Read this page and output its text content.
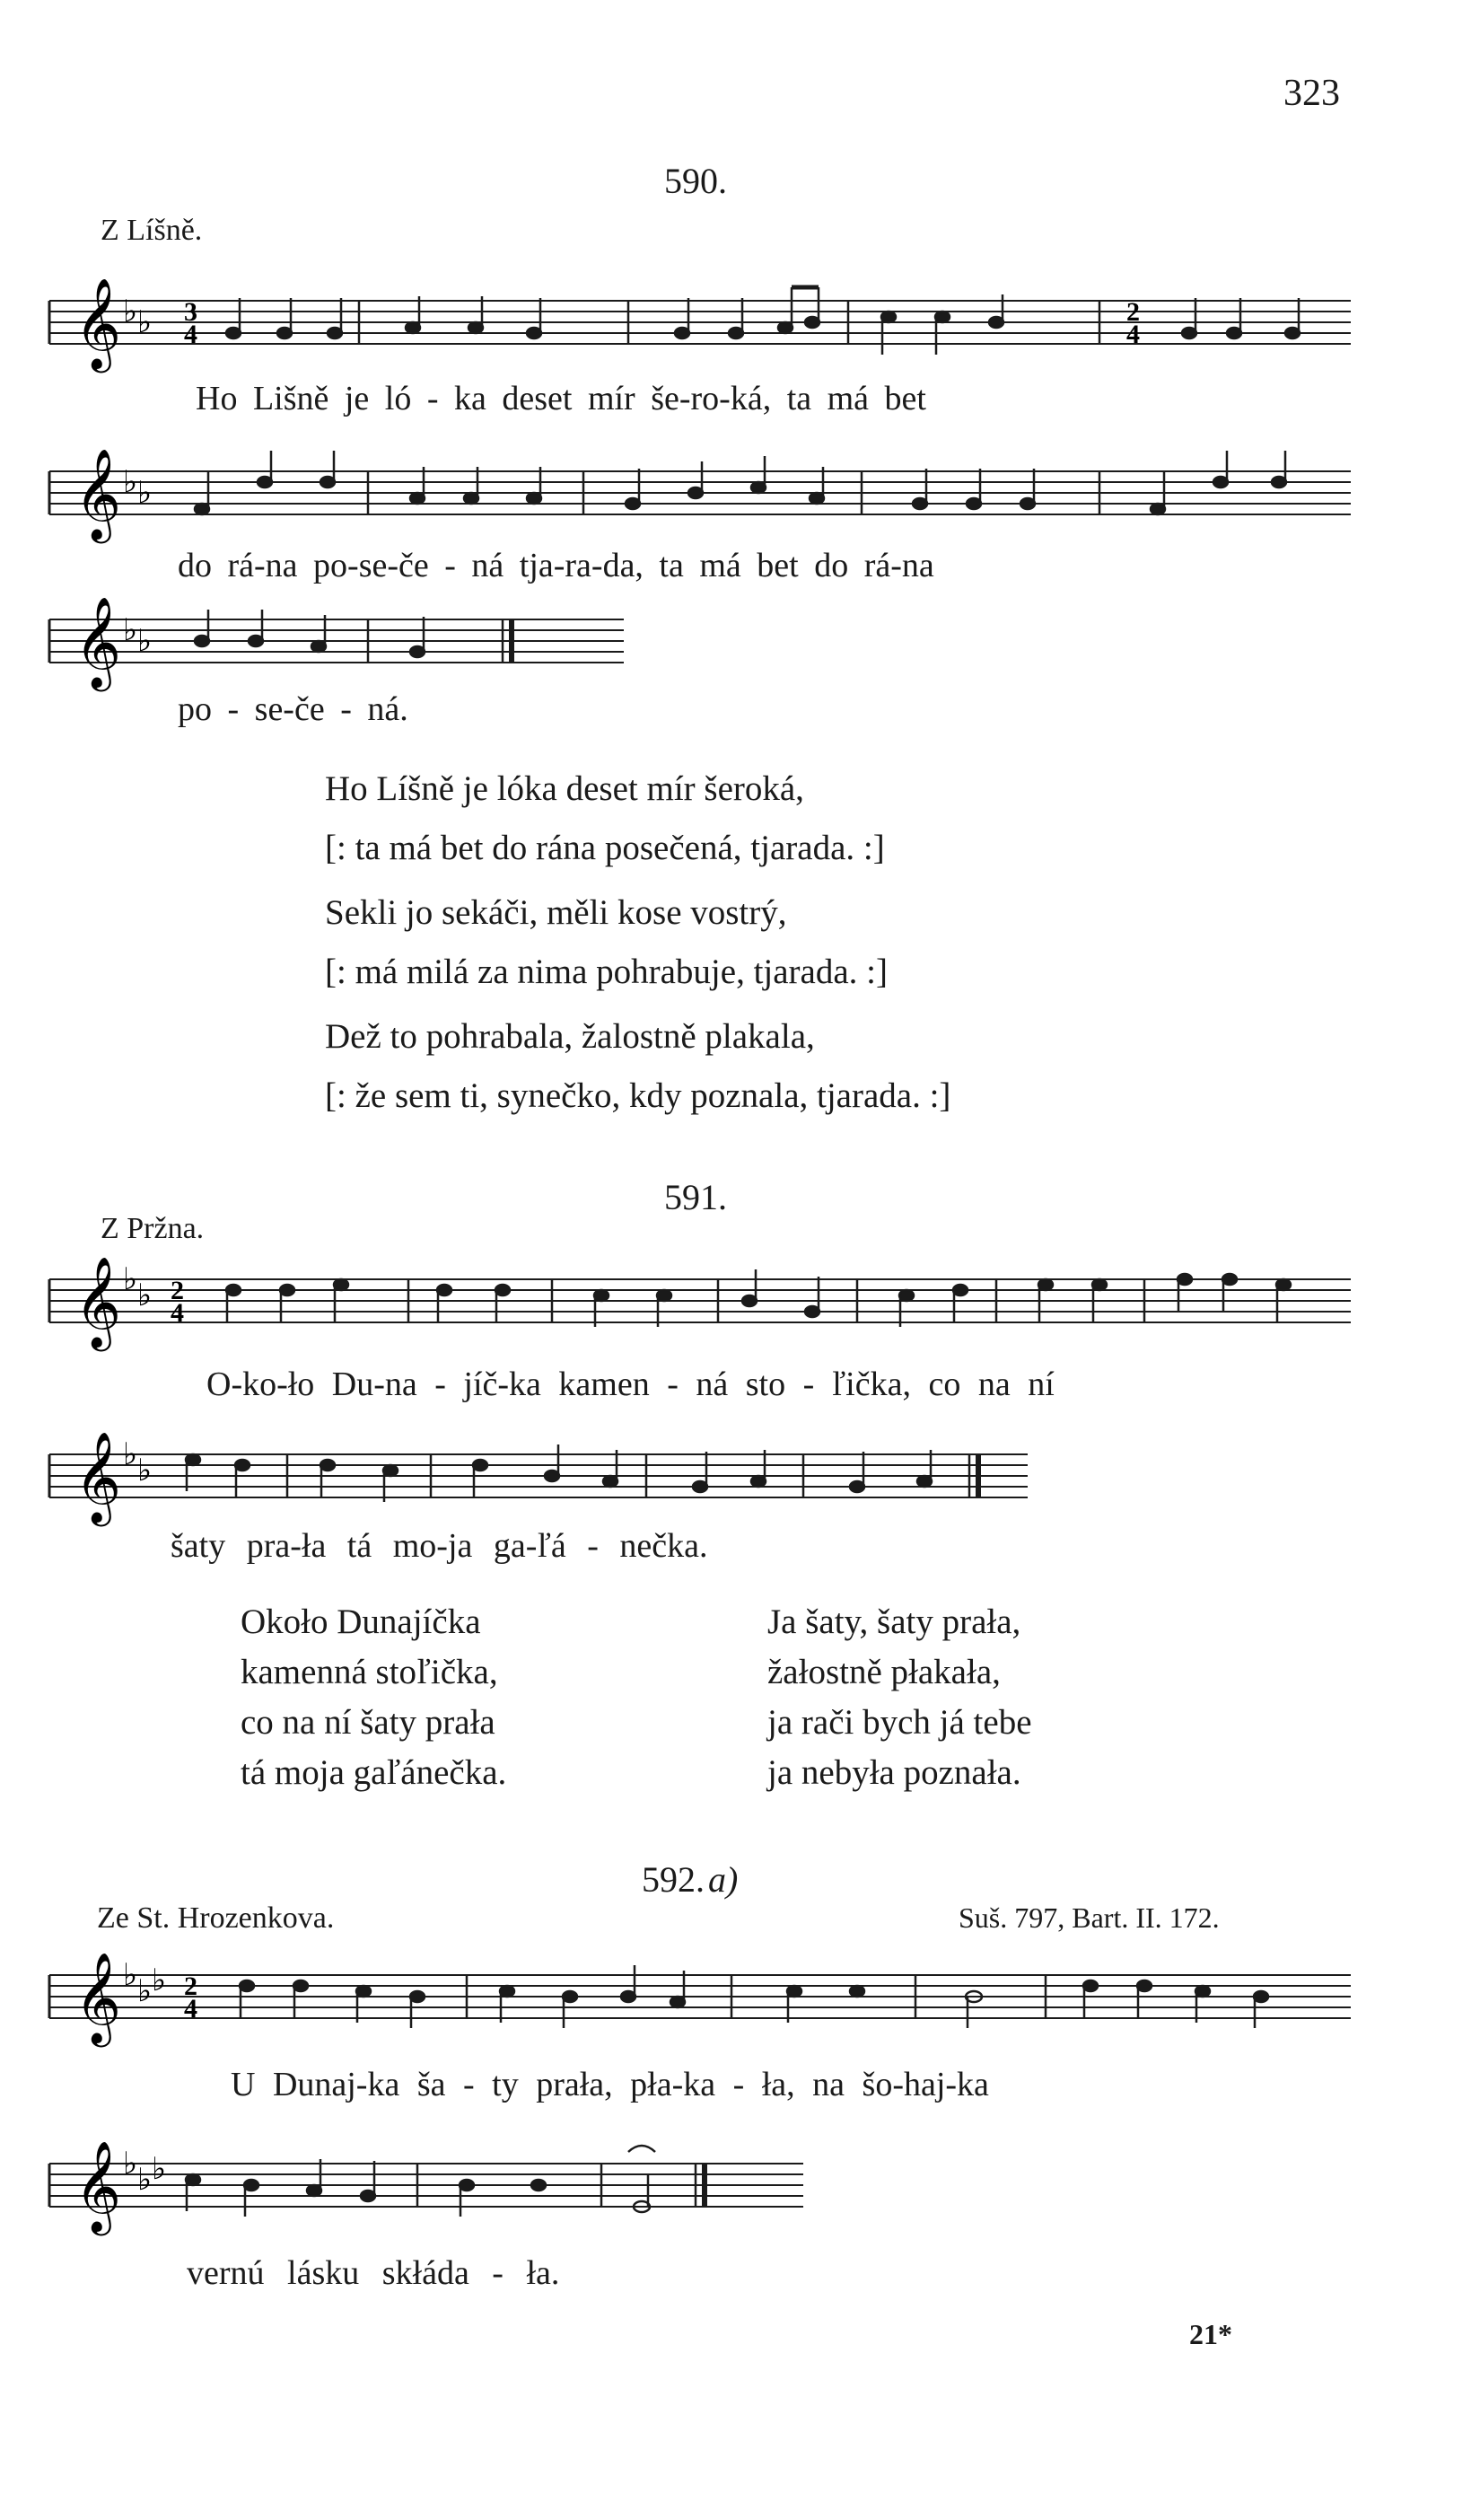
323
590.
Z Líšně.
𝄞 ♭ ♭ 3
4
2
4
Ho Lišně je ló - ka deset mír še-ro-ká, ta má bet
𝄞 ♭ ♭
do rá-na po-se-če - ná tja-ra-da, ta má bet do rá-na
𝄞 ♭ ♭
po - se-če - ná.
Ho Líšně je lóka deset mír šeroká,
[: ta má bet do rána posečená, tjarada. :]
Sekli jo sekáči, měli kose vostrý,
[: má milá za nima pohrabuje, tjarada. :]
Dež to pohrabala, žalostně plakala,
[: že sem ti, synečko, kdy poznala, tjarada. :]
591.
Z Pržna.
𝄞 ♭ ♭ 2
4
O-ko-ło Du-na - jíč-ka kamen - ná sto - ľička, co na ní
𝄞 ♭ ♭
šaty pra-ła tá mo-ja ga-ľá - nečka.
Około Dunajíčka
kamenná stoľička,
co na ní šaty prała
tá moja gaľánečka.
Ja šaty, šaty prała,
žałostně płakała,
ja rači bych já tebe
ja nebyła poznała.
592. a)
Ze St. Hrozenkova.	Suš. 797, Bart. II. 172.
𝄞 ♭ ♭ ♭ 2
4
U Dunaj-ka ša - ty prała, pła-ka - ła, na šo-haj-ka
𝄞 ♭ ♭ ♭
vernú lásku skłáda - ła.
21*
